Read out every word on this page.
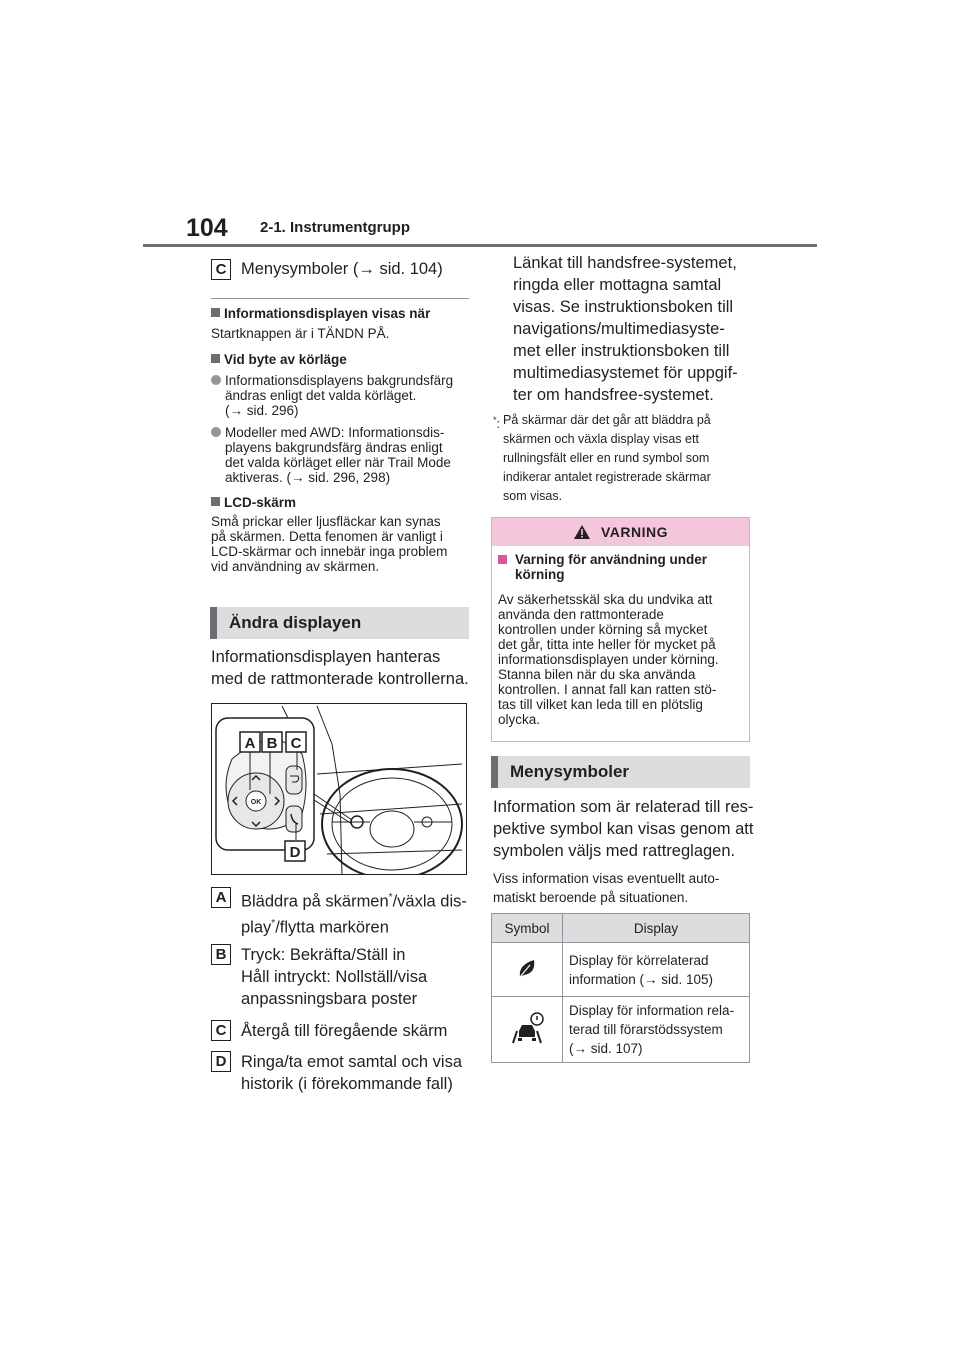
104 2-1. Instrumentgrupp
C Menysymboler (→ sid. 104)
Informationsdisplayen visas när
Startknappen är i TÄNDN PÅ.
Vid byte av körläge
Informationsdisplayens bakgrundsfärg
ändras enligt det valda körläget.
(→ sid. 296)
Modeller med AWD: Informationsdis-
playens bakgrundsfärg ändras enligt
det valda körläget eller när Trail Mode
aktiveras. (→ sid. 296, 298)
LCD-skärm
Små prickar eller ljusfläckar kan synas
på skärmen. Detta fenomen är vanligt i
LCD-skärmar och innebär inga problem
vid användning av skärmen.
Ändra displayen
Informationsdisplayen hanteras
med de rattmonterade kontrollerna.
OK
A B C
D
A Bläddra på skärmen*/växla dis-
play*/flytta markören
B Tryck: Bekräfta/Ställ in
Håll intryckt: Nollställ/visa
anpassningsbara poster
C Återgå till föregående skärm
D Ringa/ta emot samtal och visa
historik (i förekommande fall)
Länkat till handsfree-systemet,
ringda eller mottagna samtal
visas. Se instruktionsboken till
navigations/multimediasyste-
met eller instruktionsboken till
multimediasystemet för uppgif-
ter om handsfree-systemet.
*: På skärmar där det går att bläddra på
skärmen och växla display visas ett
rullningsfält eller en rund symbol som
indikerar antalet registrerade skärmar
som visas.
VARNING
Varning för användning under
körning
Av säkerhetsskäl ska du undvika att
använda den rattmonterade
kontrollen under körning så mycket
det går, titta inte heller för mycket på
informationsdisplayen under körning.
Stanna bilen när du ska använda
kontrollen. I annat fall kan ratten stö-
tas till vilket kan leda till en plötslig
olycka.
Menysymboler
Information som är relaterad till res-
pektive symbol kan visas genom att
symbolen väljs med rattreglagen.
Viss information visas eventuellt auto-
matiskt beroende på situationen.
Symbol	Display

Display för körrelaterad
information (→ sid. 105)

Display för information rela-
terad till förarstödssystem
(→ sid. 107)
